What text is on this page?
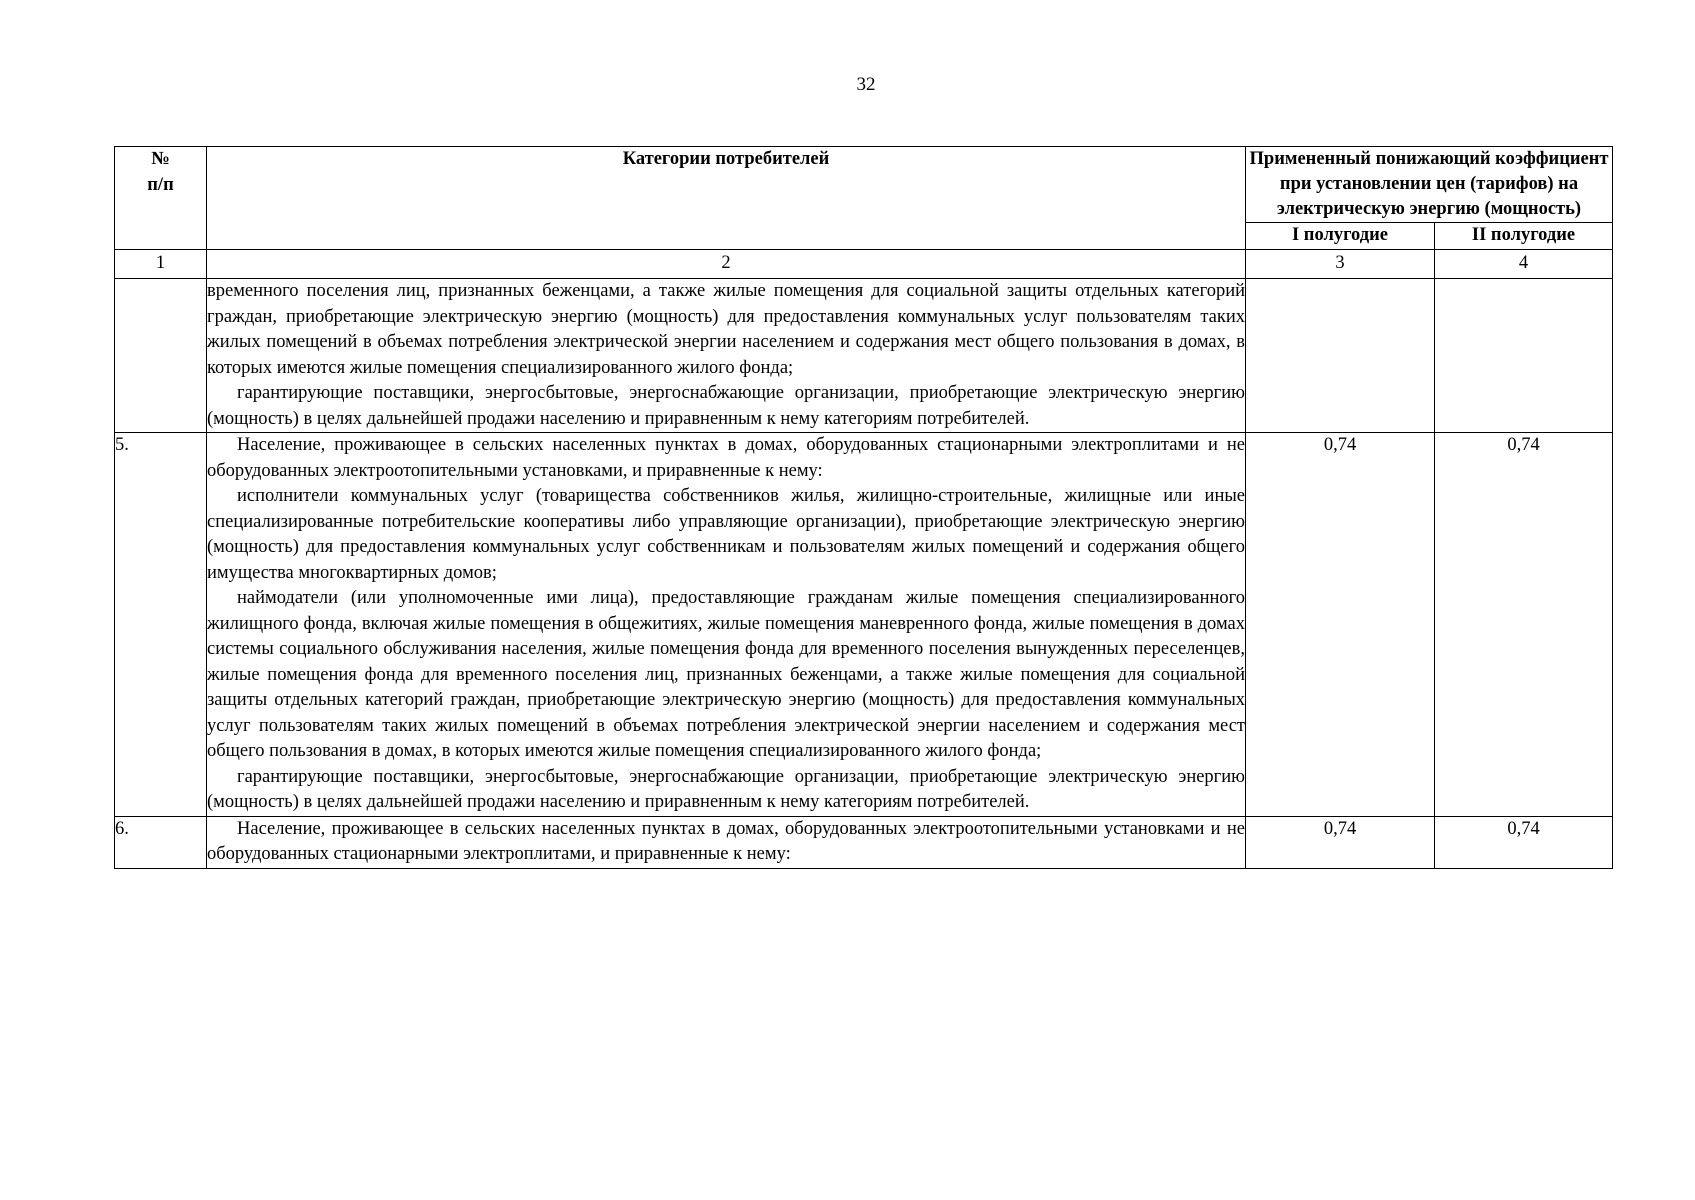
32
№
п/п	Категории потребителей	Примененный понижающий коэффициент при установлении цен (тарифов) на электрическую энергию (мощность)	
		I полугодие	II полугодие
1	2	3	4

	временного поселения лиц, признанных беженцами, а также жилые помещения для социальной защиты отдельных категорий граждан, приобретающие электрическую энергию (мощность) для предоставления коммунальных услуг пользователям таких жилых помещений в объемах потребления электрической энергии населением и содержания мест общего пользования в домах, в которых имеются жилые помещения специализированного жилого фонда;

гарантирующие поставщики, энергосбытовые, энергоснабжающие организации, приобретающие электрическую энергию (мощность) в целях дальнейшей продажи населению и приравненным к нему категориям потребителей.		

5.	Население, проживающее в сельских населенных пунктах в домах, оборудованных стационарными электроплитами и не оборудованных электроотопительными установками, и приравненные к нему:

исполнители коммунальных услуг (товарищества собственников жилья, жилищно-строительные, жилищные или иные специализированные потребительские кооперативы либо управляющие организации), приобретающие электрическую энергию (мощность) для предоставления коммунальных услуг собственникам и пользователям жилых помещений и содержания общего имущества многоквартирных домов;

наймодатели (или уполномоченные ими лица), предоставляющие гражданам жилые помещения специализированного жилищного фонда, включая жилые помещения в общежитиях, жилые помещения маневренного фонда, жилые помещения в домах системы социального обслуживания населения, жилые помещения фонда для временного поселения вынужденных переселенцев, жилые помещения фонда для временного поселения лиц, признанных беженцами, а также жилые помещения для социальной защиты отдельных категорий граждан, приобретающие электрическую энергию (мощность) для предоставления коммунальных услуг пользователям таких жилых помещений в объемах потребления электрической энергии населением и содержания мест общего пользования в домах, в которых имеются жилые помещения специализированного жилого фонда;

гарантирующие поставщики, энергосбытовые, энергоснабжающие организации, приобретающие электрическую энергию (мощность) в целях дальнейшей продажи населению и приравненным к нему категориям потребителей.	0,74	0,74
6.	Население, проживающее в сельских населенных пунктах в домах, оборудованных электроотопительными установками и не оборудованных стационарными электроплитами, и приравненные к нему:	0,74	0,74
